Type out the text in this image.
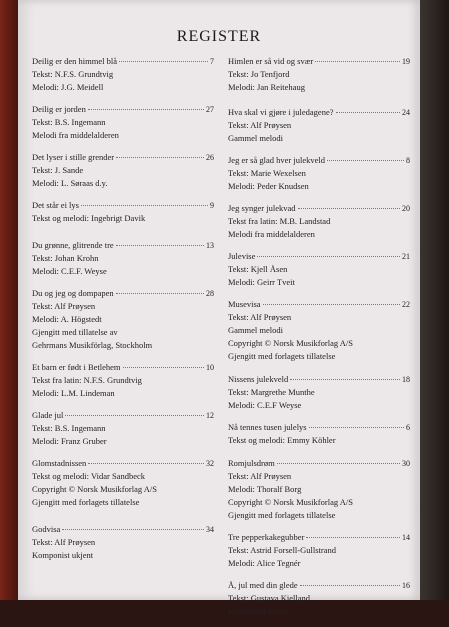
REGISTER
Deilig er den himmel blå	7
Tekst: N.F.S. Grundtvig
Melodi: J.G. Meidell
Deilig er jorden	27
Tekst: B.S. Ingemann
Melodi fra middelalderen
Det lyser i stille grender	26
Tekst: J. Sande
Melodi: L. Søraas d.y.
Det står ei lys	9
Tekst og melodi: Ingebrigt Davik
Du grønne, glitrende tre	13
Tekst: Johan Krohn
Melodi: C.E.F. Weyse
Du og jeg og dompapen	28
Tekst: Alf Prøysen
Melodi: A. Högstedt
Gjengitt med tillatelse av
Gehrmans Musikförlag, Stockholm
Et barn er født i Betlehem	10
Tekst fra latin: N.F.S. Grundtvig
Melodi: L.M. Lindeman
Glade jul	12
Tekst: B.S. Ingemann
Melodi: Franz Gruber
Glomstadnissen	32
Tekst og melodi: Vidar Sandbeck
Copyright © Norsk Musikforlag A/S
Gjengitt med forlagets tillatelse
Godvisa	34
Tekst: Alf Prøysen
Komponist ukjent
Himlen er så vid og svær	19
Tekst: Jo Tenfjord
Melodi: Jan Reitehaug
Hva skal vi gjøre i juledagene?	24
Tekst: Alf Prøysen
Gammel melodi
Jeg er så glad hver julekveld	8
Tekst: Marie Wexelsen
Melodi: Peder Knudsen
Jeg synger julekvad	20
Tekst fra latin: M.B. Landstad
Melodi fra middelalderen
Julevise	21
Tekst: Kjell Åsen
Melodi: Geirr Tveit
Musevisa	22
Tekst: Alf Prøysen
Gammel melodi
Copyright © Norsk Musikforlag A/S
Gjengitt med forlagets tillatelse
Nissens julekveld	18
Tekst: Margrethe Munthe
Melodi: C.E.F Weyse
Nå tennes tusen julelys	6
Tekst og melodi: Emmy Köhler
Romjulsdrøm	30
Tekst: Alf Prøysen
Melodi: Thoralf Borg
Copyright © Norsk Musikforlag A/S
Gjengitt med forlagets tillatelse
Tre pepperkakegubber	14
Tekst: Astrid Forsell-Gullstrand
Melodi: Alice Tegnér
Å, jul med din glede	16
Tekst: Gustava Kielland
Komponist ukjent
